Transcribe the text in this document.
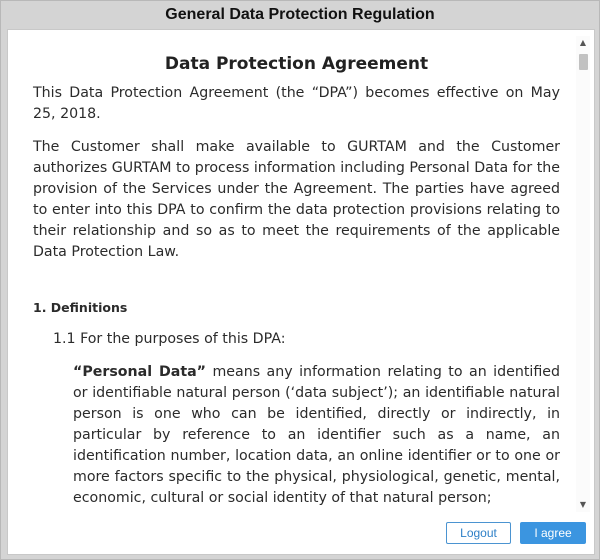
General Data Protection Regulation
Data Protection Agreement
This Data Protection Agreement (the “DPA”) becomes effective on May 25, 2018.
The Customer shall make available to GURTAM and the Customer authorizes GURTAM to process information including Personal Data for the provision of the Services under the Agreement. The parties have agreed to enter into this DPA to confirm the data protection provisions relating to their relationship and so as to meet the requirements of the applicable Data Protection Law.
1. Definitions
1.1 For the purposes of this DPA:
“Personal Data” means any information relating to an identified or identifiable natural person (‘data subject’); an identifiable natural person is one who can be identified, directly or indirectly, in particular by reference to an identifier such as a name, an identification number, location data, an online identifier or to one or more factors specific to the physical, physiological, genetic, mental, economic, cultural or social identity of that natural person;
▲
▼
Logout	I agree
